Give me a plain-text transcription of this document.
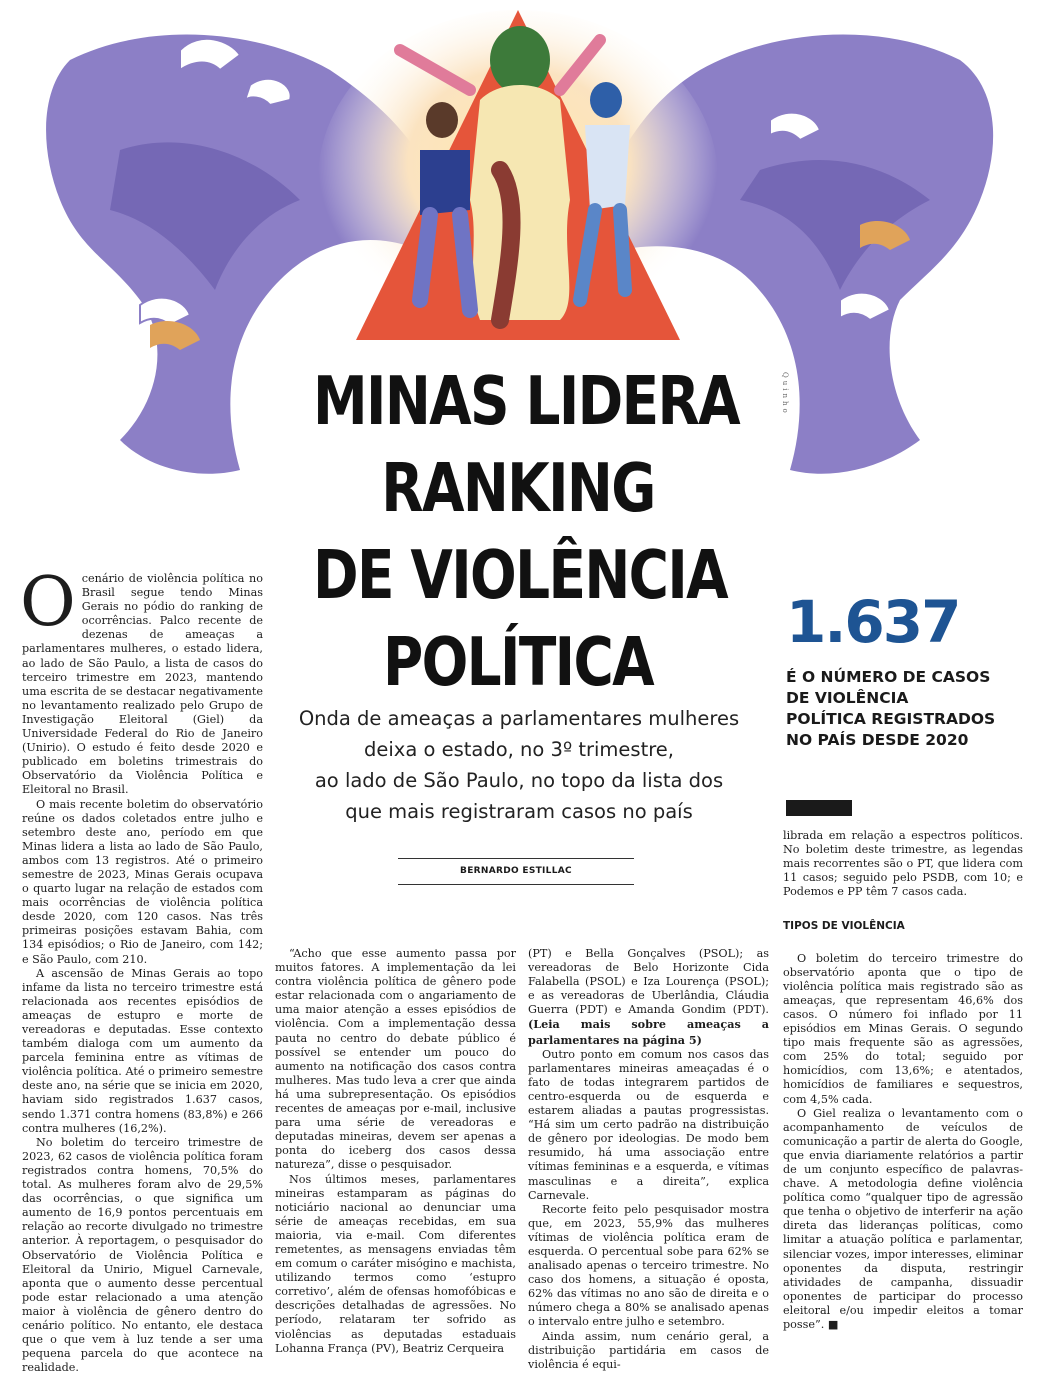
Quinho
MINAS LIDERA
RANKING
DE VIOLÊNCIA
POLÍTICA
Onda de ameaças a parlamentares mulheres
deixa o estado, no 3º trimestre,
ao lado de São Paulo, no topo da lista dos
que mais registraram casos no país
BERNARDO ESTILLAC
1.637
É O NÚMERO DE CASOS
DE VIOLÊNCIA
POLÍTICA REGISTRADOS
NO PAÍS DESDE 2020

Ocenário de violência política no Brasil segue tendo Minas Gerais no pódio do ranking de ocorrências. Palco recente de dezenas de ameaças a parlamentares mulheres, o estado lidera, ao lado de São Paulo, a lista de casos do terceiro trimestre em 2023, mantendo uma escrita de se destacar negativamente no levantamento realizado pelo Grupo de Investigação Eleitoral (Giel) da Universidade Federal do Rio de Janeiro (Unirio). O estudo é feito desde 2020 e publicado em boletins trimestrais do Observatório da Violência Política e Eleitoral no Brasil.

O mais recente boletim do observatório reúne os dados coletados entre julho e setembro deste ano, período em que Minas lidera a lista ao lado de São Paulo, ambos com 13 registros. Até o primeiro semestre de 2023, Minas Gerais ocupava o quarto lugar na relação de estados com mais ocorrências de violência política desde 2020, com 120 casos. Nas três primeiras posições estavam Bahia, com 134 episódios; o Rio de Janeiro, com 142; e São Paulo, com 210.

A ascensão de Minas Gerais ao topo infame da lista no terceiro trimestre está relacionada aos recentes episódios de ameaças de estupro e morte de vereadoras e deputadas. Esse contexto também dialoga com um aumento da parcela feminina entre as vítimas de violência política. Até o primeiro semestre deste ano, na série que se inicia em 2020, haviam sido registrados 1.637 casos, sendo 1.371 contra homens (83,8%) e 266 contra mulheres (16,2%).

No boletim do terceiro trimestre de 2023, 62 casos de violência política foram registrados contra homens, 70,5% do total. As mulheres foram alvo de 29,5% das ocorrências, o que significa um aumento de 16,9 pontos percentuais em relação ao recorte divulgado no trimestre anterior. À reportagem, o pesquisador do Observatório de Violência Política e Eleitoral da Unirio, Miguel Carnevale, aponta que o aumento desse percentual pode estar relacionado a uma atenção maior à violência de gênero dentro do cenário político. No entanto, ele destaca que o que vem à luz tende a ser uma pequena parcela do que acontece na realidade.

“Acho que esse aumento passa por muitos fatores. A implementação da lei contra violência política de gênero pode estar relacionada com o angariamento de uma maior atenção a esses episódios de violência. Com a implementação dessa pauta no centro do debate público é possível se entender um pouco do aumento na notificação dos casos contra mulheres. Mas tudo leva a crer que ainda há uma subrepresentação. Os episódios recentes de ameaças por e-mail, inclusive para uma série de vereadoras e deputadas mineiras, devem ser apenas a ponta do iceberg dos casos dessa natureza”, disse o pesquisador.

Nos últimos meses, parlamentares mineiras estamparam as páginas do noticiário nacional ao denunciar uma série de ameaças recebidas, em sua maioria, via e-mail. Com diferentes remetentes, as mensagens enviadas têm em comum o caráter misógino e machista, utilizando termos como ‘estupro corretivo’, além de ofensas homofóbicas e descrições detalhadas de agressões. No período, relataram ter sofrido as violências as deputadas estaduais Lohanna França (PV), Beatriz Cerqueira

(PT) e Bella Gonçalves (PSOL); as vereadoras de Belo Horizonte Cida Falabella (PSOL) e Iza Lourença (PSOL); e as vereadoras de Uberlândia, Cláudia Guerra (PDT) e Amanda Gondim (PDT). (Leia mais sobre ameaças a parlamentares na página 5)

Outro ponto em comum nos casos das parlamentares mineiras ameaçadas é o fato de todas integrarem partidos de centro-esquerda ou de esquerda e estarem aliadas a pautas progressistas. “Há sim um certo padrão na distribuição de gênero por ideologias. De modo bem resumido, há uma associação entre vítimas femininas e a esquerda, e vítimas masculinas e a direita”, explica Carnevale.

Recorte feito pelo pesquisador mostra que, em 2023, 55,9% das mulheres vítimas de violência política eram de esquerda. O percentual sobe para 62% se analisado apenas o terceiro trimestre. No caso dos homens, a situação é oposta, 62% das vítimas no ano são de direita e o número chega a 80% se analisado apenas o intervalo entre julho e setembro.

Ainda assim, num cenário geral, a distribuição partidária em casos de violência é equi-

librada em relação a espectros políticos. No boletim deste trimestre, as legendas mais recorrentes são o PT, que lidera com 11 casos; seguido pelo PSDB, com 10; e Podemos e PP têm 7 casos cada.

TIPOS DE VIOLÊNCIA

O boletim do terceiro trimestre do observatório aponta que o tipo de violência política mais registrado são as ameaças, que representam 46,6% dos casos. O número foi inflado por 11 episódios em Minas Gerais. O segundo tipo mais frequente são as agressões, com 25% do total; seguido por homicídios, com 13,6%; e atentados, homicídios de familiares e sequestros, com 4,5% cada.

O Giel realiza o levantamento com o acompanhamento de veículos de comunicação a partir de alerta do Google, que envia diariamente relatórios a partir de um conjunto específico de palavras-chave. A metodologia define violência política como “qualquer tipo de agressão que tenha o objetivo de interferir na ação direta das lideranças políticas, como limitar a atuação política e parlamentar, silenciar vozes, impor interesses, eliminar oponentes da disputa, restringir atividades de campanha, dissuadir oponentes de participar do processo eleitoral e/ou impedir eleitos a tomar posse”. ■
